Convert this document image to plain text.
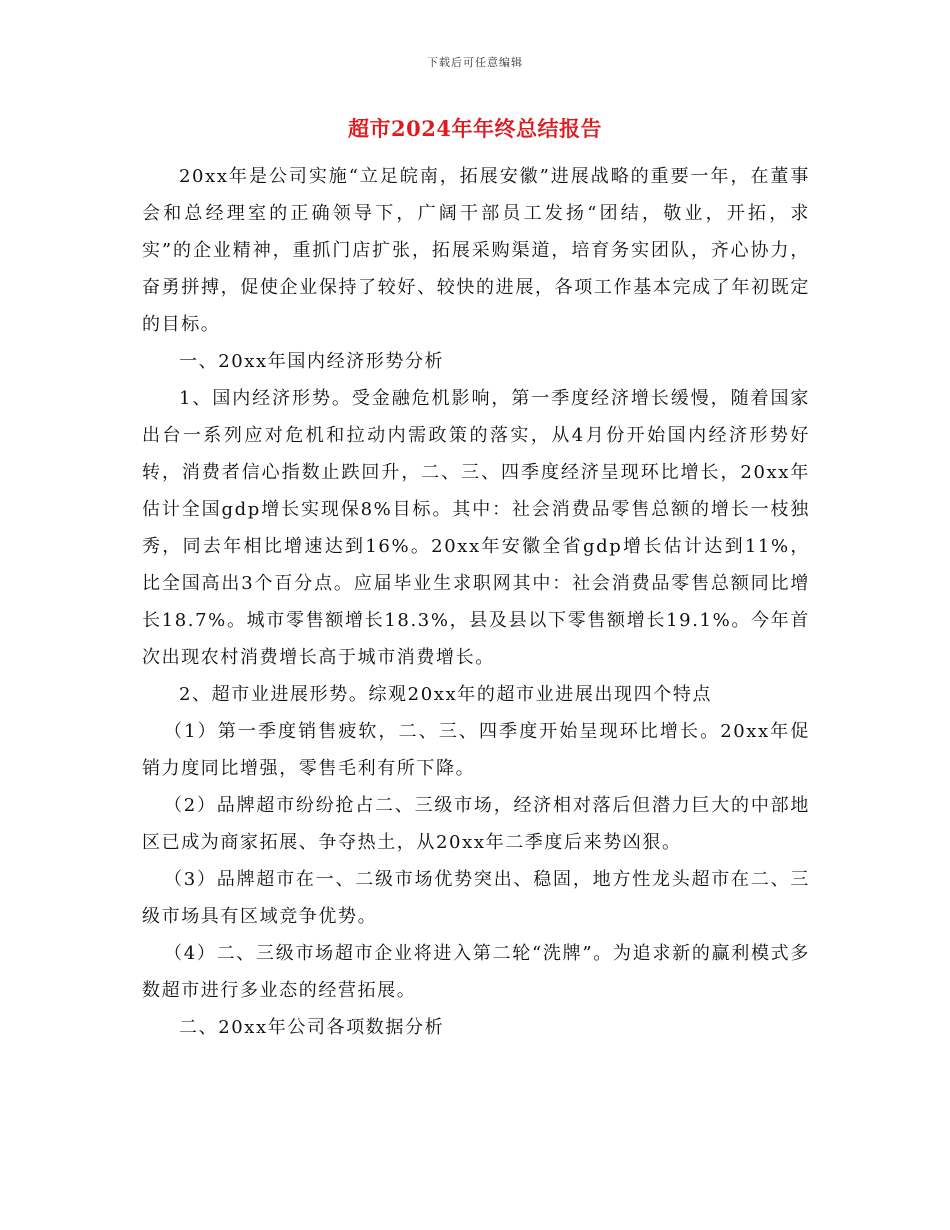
下载后可任意编辑
超市2024年年终总结报告

20xx年是公司实施“立足皖南，拓展安徽”进展战略的重要一年，在董事会和总经理室的正确领导下，广阔干部员工发扬“团结，敬业，开拓，求实”的企业精神，重抓门店扩张，拓展采购渠道，培育务实团队，齐心协力，奋勇拼搏，促使企业保持了较好、较快的进展，各项工作基本完成了年初既定的目标。

一、20xx年国内经济形势分析

1、国内经济形势。受金融危机影响，第一季度经济增长缓慢，随着国家出台一系列应对危机和拉动内需政策的落实，从4月份开始国内经济形势好转，消费者信心指数止跌回升，二、三、四季度经济呈现环比增长，20xx年估计全国gdp增长实现保8%目标。其中：社会消费品零售总额的增长一枝独秀，同去年相比增速达到16%。20xx年安徽全省gdp增长估计达到11%，比全国高出3个百分点。应届毕业生求职网其中：社会消费品零售总额同比增长18.7%。城市零售额增长18.3%，县及县以下零售额增长19.1%。今年首次出现农村消费增长高于城市消费增长。

2、超市业进展形势。综观20xx年的超市业进展出现四个特点

（1）第一季度销售疲软，二、三、四季度开始呈现环比增长。20xx年促销力度同比增强，零售毛利有所下降。

（2）品牌超市纷纷抢占二、三级市场，经济相对落后但潜力巨大的中部地区已成为商家拓展、争夺热土，从20xx年二季度后来势凶狠。

（3）品牌超市在一、二级市场优势突出、稳固，地方性龙头超市在二、三级市场具有区域竞争优势。

（4）二、三级市场超市企业将进入第二轮“洗牌”。为追求新的赢利模式多数超市进行多业态的经营拓展。

二、20xx年公司各项数据分析
